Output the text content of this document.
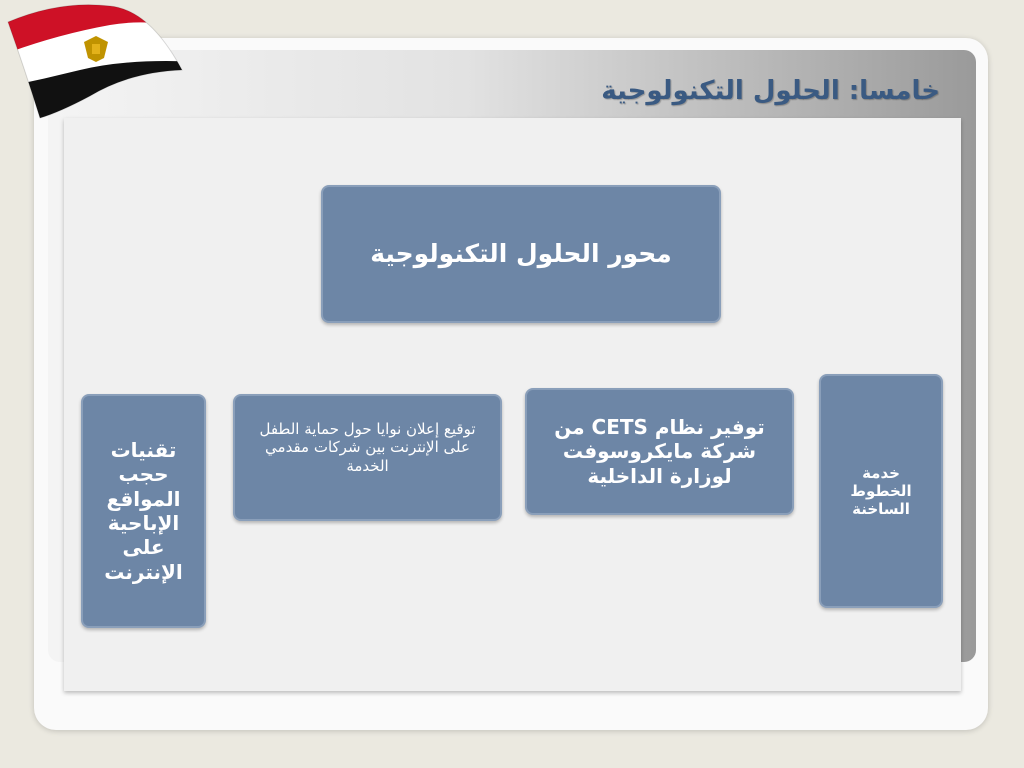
خامسا: الحلول التكنولوجية
محور الحلول التكنولوجية
خدمة الخطوط الساخنة
توفير نظام CETS من شركة مايكروسوفت لوزارة الداخلية
توقيع إعلان نوايا حول حماية الطفل على الإنترنت بين شركات مقدمي الخدمة
تقنيات حجب المواقع الإباحية على الإنترنت
